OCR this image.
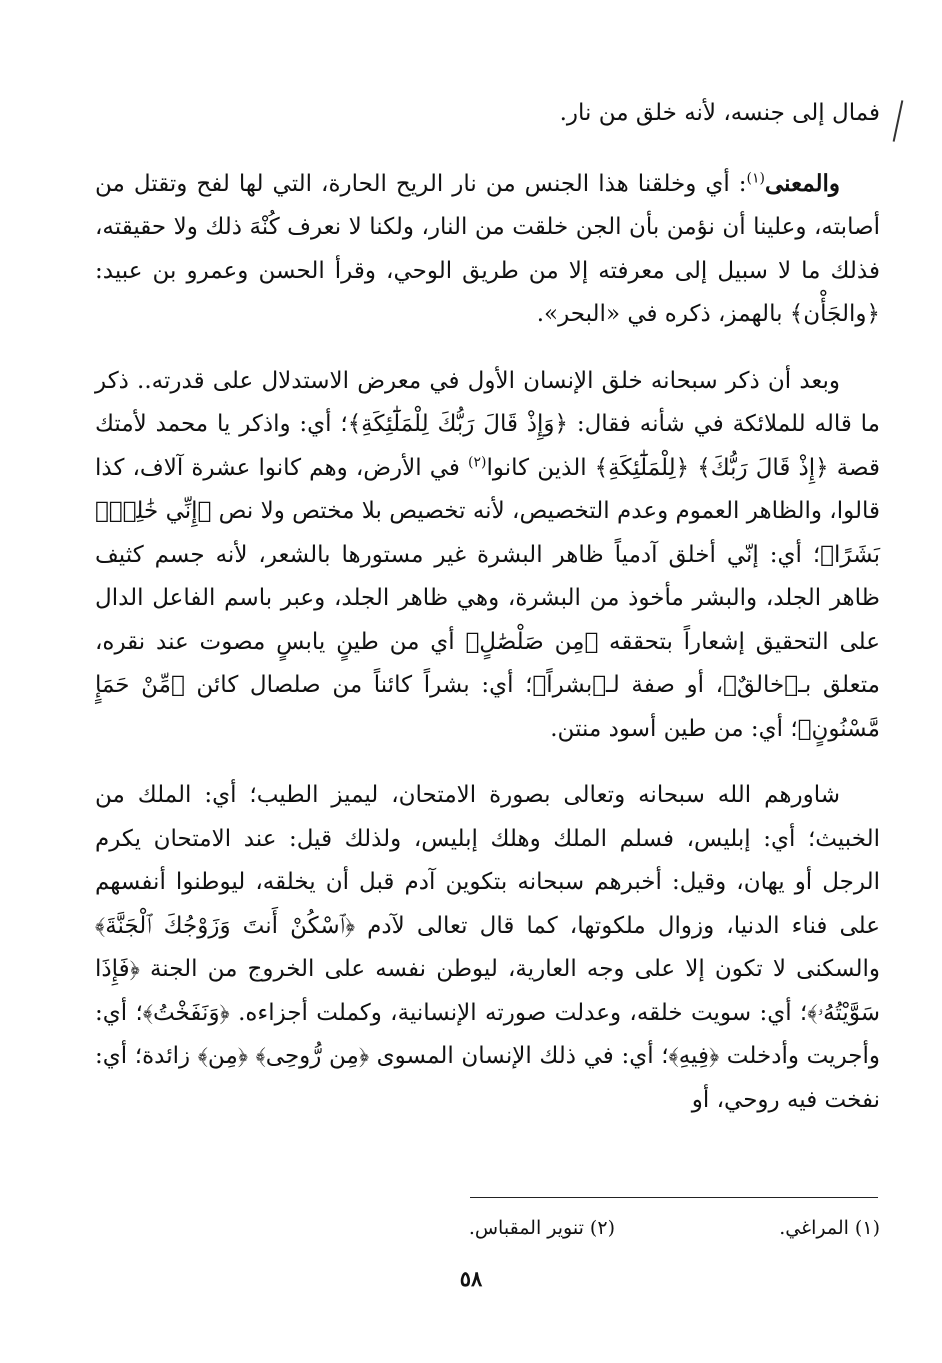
فمال إلى جنسه، لأنه خلق من نار.

والمعنى$^{(١)}$: أي وخلقنا هذا الجنس من نار الريح الحارة، التي لها لفح وتقتل من أصابته، وعلينا أن نؤمن بأن الجن خلقت من النار، ولكنا لا نعرف كُنْهَ ذلك ولا حقيقته، فذلك ما لا سبيل إلى معرفته إلا من طريق الوحي، وقرأ الحسن وعمرو بن عبيد: ﴿والجَأْن﴾ بالهمز، ذكره في «البحر».

وبعد أن ذكر سبحانه خلق الإنسان الأول في معرض الاستدلال على قدرته.. ذكر ما قاله للملائكة في شأنه فقال: ﴿وَإِذْ قَالَ رَبُّكَ لِلْمَلَٰٓئِكَةِ﴾؛ أي: واذكر يا محمد لأمتك قصة ﴿إِذْ قَالَ رَبُّكَ﴾ ﴿لِلْمَلَٰٓئِكَةِ﴾ الذين كانوا$^{(٢)}$ في الأرض، وهم كانوا عشرة آلاف، كذا قالوا، والظاهر العموم وعدم التخصيص، لأنه تخصيص بلا مختص ولا نص ﴿إِنِّي خَٰلِقٌۢ بَشَرًا﴾؛ أي: إنّي أخلق آدمياً ظاهر البشرة غير مستورها بالشعر، لأنه جسم كثيف ظاهر الجلد، والبشر مأخوذ من البشرة، وهي ظاهر الجلد، وعبر باسم الفاعل الدال على التحقيق إشعاراً بتحققه ﴿مِن صَلْصَٰلٍ﴾ أي من طينٍ يابسٍ مصوت عند نقره، متعلق بـ﴿خالقٌ﴾، أو صفة لـ﴿بشراً﴾؛ أي: بشراً كائناً من صلصال كائن ﴿مِّنْ حَمَإٍ مَّسْنُونٍ﴾؛ أي: من طين أسود منتن.

شاورهم الله سبحانه وتعالى بصورة الامتحان، ليميز الطيب؛ أي: الملك من الخبيث؛ أي: إبليس، فسلم الملك وهلك إبليس، ولذلك قيل: عند الامتحان يكرم الرجل أو يهان، وقيل: أخبرهم سبحانه بتكوين آدم قبل أن يخلقه، ليوطنوا أنفسهم على فناء الدنيا، وزوال ملكوتها، كما قال تعالى لآدم ﴿ٱسْكُنْ أَنتَ وَزَوْجُكَ ٱلْجَنَّةَ﴾ والسكنى لا تكون إلا على وجه العارية، ليوطن نفسه على الخروج من الجنة ﴿فَإِذَا سَوَّيْتُهُۥ﴾؛ أي: سويت خلقه، وعدلت صورته الإنسانية، وكملت أجزاءه. ﴿وَنَفَخْتُ﴾؛ أي: وأجريت وأدخلت ﴿فِيهِ﴾؛ أي: في ذلك الإنسان المسوى ﴿مِن رُّوحِى﴾ ﴿مِن﴾ زائدة؛ أي: نفخت فيه روحي، أو

(١) المراغي.
(٢) تنوير المقباس.
٥٨
